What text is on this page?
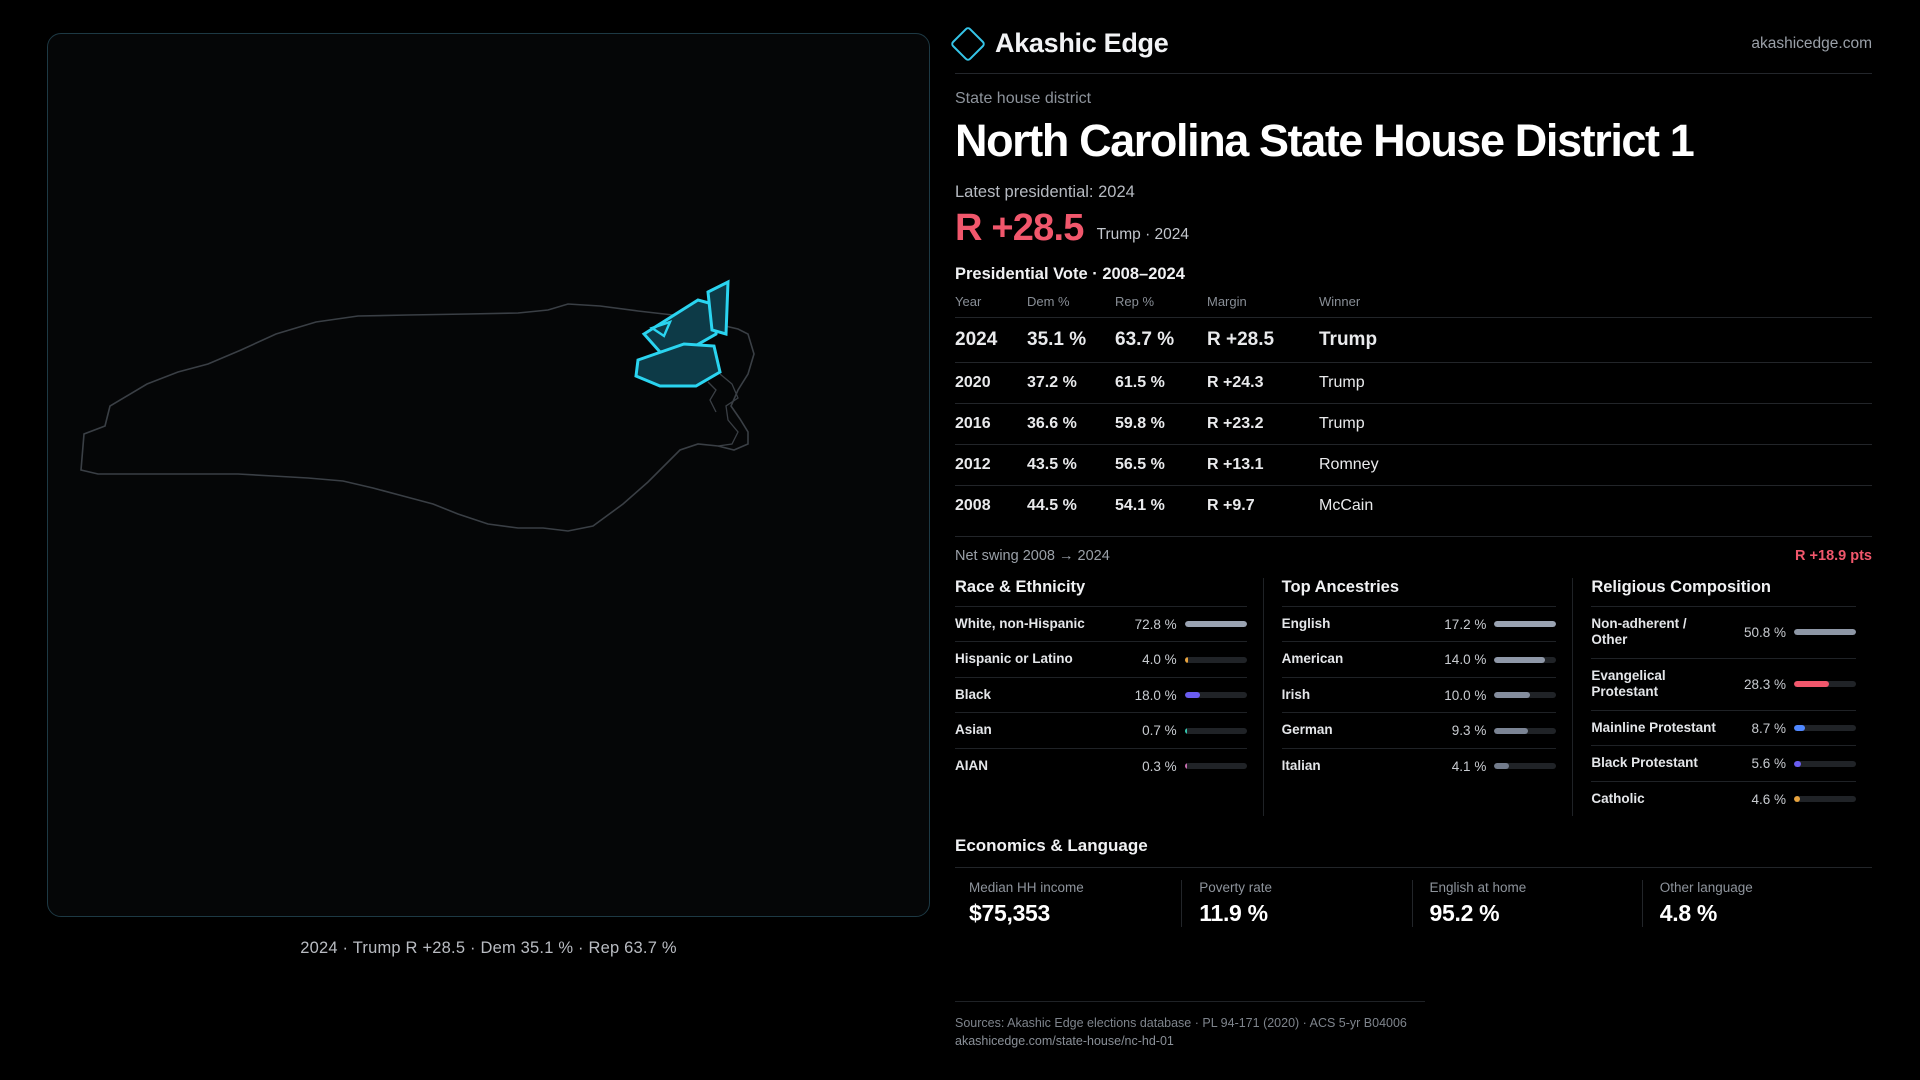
2024 · Trump R +28.5 · Dem 35.1 % · Rep 63.7 %
Akashic Edge	akashicedge.com
State house district
North Carolina State House District 1
Latest presidential: 2024
R +28.5 Trump · 2024
Presidential Vote · 2008–2024
Year	Dem %	Rep %	Margin	Winner
2024	35.1 %	63.7 %	R +28.5	Trump
2020	37.2 %	61.5 %	R +24.3	Trump
2016	36.6 %	59.8 %	R +23.2	Trump
2012	43.5 %	56.5 %	R +13.1	Romney
2008	44.5 %	54.1 %	R +9.7	McCain
Net swing 2008 → 2024	R +18.9 pts
Race & Ethnicity
White, non-Hispanic	72.8 %
Hispanic or Latino	4.0 %
Black	18.0 %
Asian	0.7 %
AIAN	0.3 %
Top Ancestries
English	17.2 %
American	14.0 %
Irish	10.0 %
German	9.3 %
Italian	4.1 %
Religious Composition
Non-adherent / Other	50.8 %
Evangelical Protestant	28.3 %
Mainline Protestant	8.7 %
Black Protestant	5.6 %
Catholic	4.6 %
Economics & Language
Median HH income
$75,353
Poverty rate
11.9 %
English at home
95.2 %
Other language
4.8 %
Sources: Akashic Edge elections database · PL 94-171 (2020) · ACS 5-yr B04006
akashicedge.com/state-house/nc-hd-01
